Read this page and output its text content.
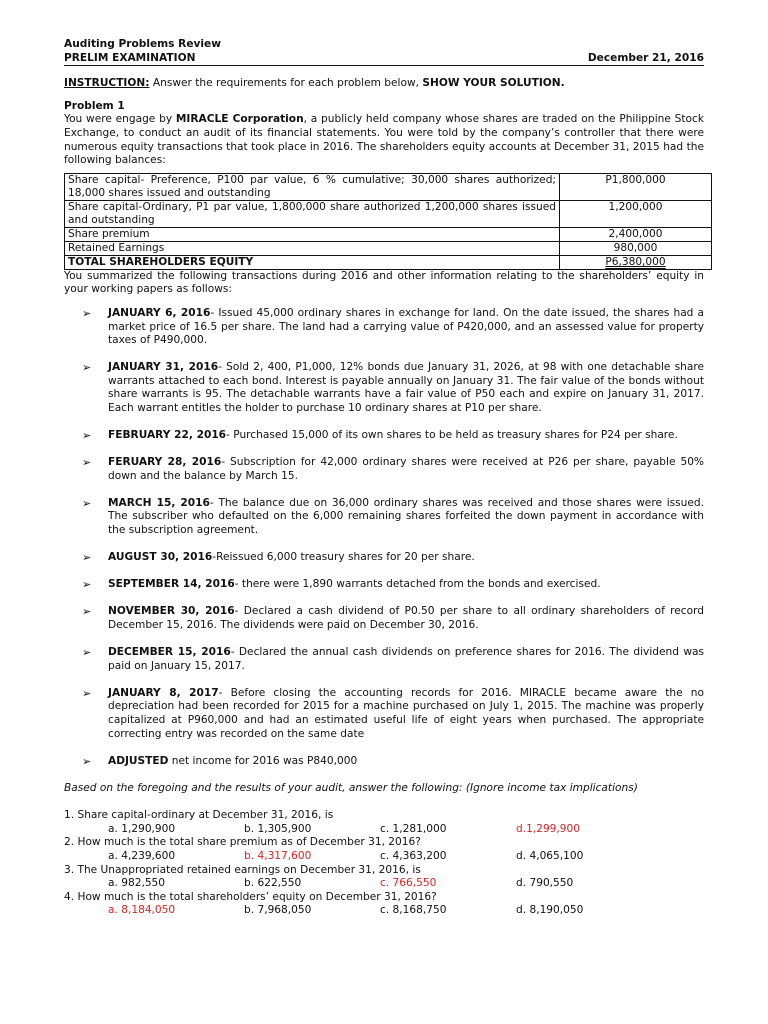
Auditing Problems Review
PRELIM EXAMINATION	December 21, 2016

INSTRUCTION: Answer the requirements for each problem below, SHOW YOUR SOLUTION.

Problem 1

You were engage by MIRACLE Corporation, a publicly held company whose shares are traded on the Philippine Stock Exchange, to conduct an audit of its financial statements. You were told by the company’s controller that there were numerous equity transactions that took place in 2016. The shareholders equity accounts at December 31, 2015 had the following balances:

Share capital- Preference, P100 par value, 6 % cumulative; 30,000 shares authorized; 18,000 shares issued and outstanding	P1,800,000
Share capital-Ordinary, P1 par value, 1,800,000 share authorized 1,200,000 shares issued and outstanding	1,200,000
Share premium	2,400,000
Retained Earnings	980,000
TOTAL SHAREHOLDERS EQUITY	P6,380,000

You summarized the following transactions during 2016 and other information relating to the shareholders’ equity in your working papers as follows:

➢	JANUARY 6, 2016- Issued 45,000 ordinary shares in exchange for land. On the date issued, the shares had a market price of 16.5 per share. The land had a carrying value of P420,000, and an assessed value for property taxes of P490,000.
➢	JANUARY 31, 2016- Sold 2, 400, P1,000, 12% bonds due January 31, 2026, at 98 with one detachable share warrants attached to each bond. Interest is payable annually on January 31. The fair value of the bonds without share warrants is 95. The detachable warrants have a fair value of P50 each and expire on January 31, 2017. Each warrant entitles the holder to purchase 10 ordinary shares at P10 per share.
➢	FEBRUARY 22, 2016- Purchased 15,000 of its own shares to be held as treasury shares for P24 per share.
➢	FERUARY 28, 2016- Subscription for 42,000 ordinary shares were received at P26 per share, payable 50% down and the balance by March 15.
➢	MARCH 15, 2016- The balance due on 36,000 ordinary shares was received and those shares were issued. The subscriber who defaulted on the 6,000 remaining shares forfeited the down payment in accordance with the subscription agreement.
➢	AUGUST 30, 2016-Reissued 6,000 treasury shares for 20 per share.
➢	SEPTEMBER 14, 2016- there were 1,890 warrants detached from the bonds and exercised.
➢	NOVEMBER 30, 2016- Declared a cash dividend of P0.50 per share to all ordinary shareholders of record December 15, 2016. The dividends were paid on December 30, 2016.
➢	DECEMBER 15, 2016- Declared the annual cash dividends on preference shares for 2016. The dividend was paid on January 15, 2017.
➢	JANUARY 8, 2017- Before closing the accounting records for 2016. MIRACLE became aware the no depreciation had been recorded for 2015 for a machine purchased on July 1, 2015. The machine was properly capitalized at P960,000 and had an estimated useful life of eight years when purchased. The appropriate correcting entry was recorded on the same date
➢	ADJUSTED net income for 2016 was P840,000

Based on the foregoing and the results of your audit, answer the following: (Ignore income tax implications)

1. Share capital-ordinary at December 31, 2016, is
a. 1,290,900	b. 1,305,900	c. 1,281,000	d.1,299,900
2. How much is the total share premium as of December 31, 2016?
a. 4,239,600	b. 4,317,600	c. 4,363,200	d. 4,065,100
3. The Unappropriated retained earnings on December 31, 2016, is
a. 982,550	b. 622,550	c. 766,550	d. 790,550
4. How much is the total shareholders’ equity on December 31, 2016?
a. 8,184,050	b. 7,968,050	c. 8,168,750	d. 8,190,050
